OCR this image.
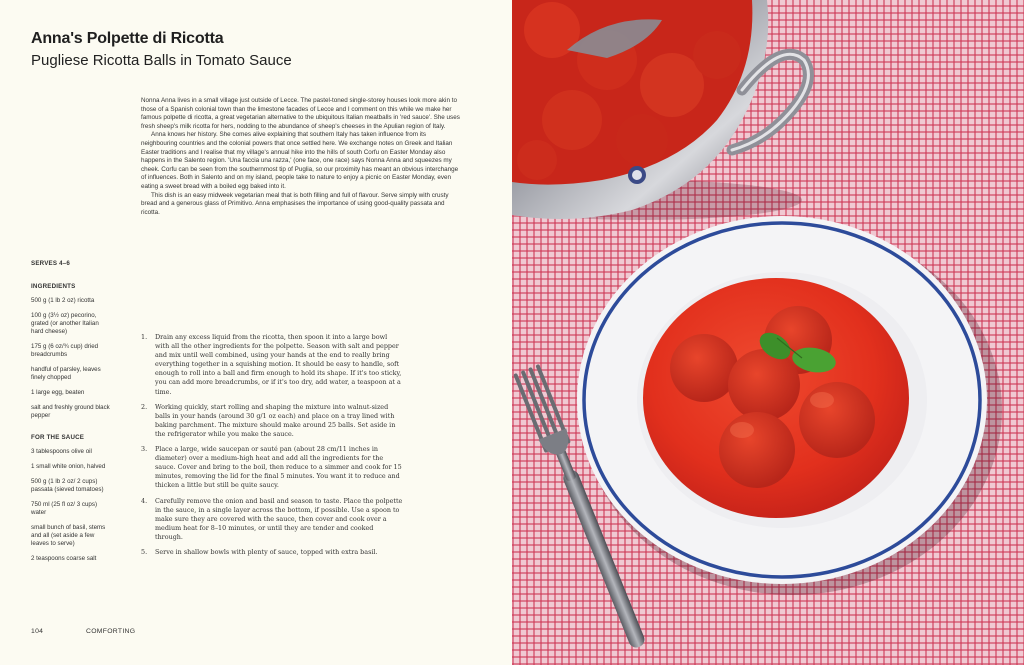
Anna's Polpette di Ricotta
Pugliese Ricotta Balls in Tomato Sauce

Nonna Anna lives in a small village just outside of Lecce. The pastel-toned single-storey houses look more akin to those of a Spanish colonial town than the limestone facades of Lecce and I comment on this while we make her famous polpette di ricotta, a great vegetarian alternative to the ubiquitous Italian meatballs in 'red sauce'. She uses fresh sheep's milk ricotta for hers, nodding to the abundance of sheep's cheeses in the Apulian region of Italy.

Anna knows her history. She comes alive explaining that southern Italy has taken influence from its neighbouring countries and the colonial powers that once settled here. We exchange notes on Greek and Italian Easter traditions and I realise that my village's annual hike into the hills of south Corfu on Easter Monday also happens in the Salento region. 'Una faccia una razza,' (one face, one race) says Nonna Anna and squeezes my cheek. Corfu can be seen from the southernmost tip of Puglia, so our proximity has meant an obvious interchange of influences. Both in Salento and on my island, people take to nature to enjoy a picnic on Easter Monday, even eating a sweet bread with a boiled egg baked into it.

This dish is an easy midweek vegetarian meal that is both filling and full of flavour. Serve simply with crusty bread and a generous glass of Primitivo. Anna emphasises the importance of using good-quality passata and ricotta.

SERVES 4–6
INGREDIENTS
500 g (1 lb 2 oz) ricotta
100 g (3½ oz) pecorino, grated (or another Italian hard cheese)
175 g (6 oz/¾ cup) dried breadcrumbs
handful of parsley, leaves finely chopped
1 large egg, beaten
salt and freshly ground black pepper
FOR THE SAUCE
3 tablespoons olive oil
1 small white onion, halved
500 g (1 lb 2 oz/ 2 cups) passata (sieved tomatoes)
750 ml (25 fl oz/ 3 cups) water
small bunch of basil, stems and all (set aside a few leaves to serve)
2 teaspoons coarse salt
1. Drain any excess liquid from the ricotta, then spoon it into a large bowl with all the other ingredients for the polpette. Season with salt and pepper and mix until well combined, using your hands at the end to really bring everything together in a squishing motion. It should be easy to handle, soft enough to roll into a ball and firm enough to hold its shape. If it's too sticky, you can add more breadcrumbs, or if it's too dry, add water, a teaspoon at a time.
2. Working quickly, start rolling and shaping the mixture into walnut-sized balls in your hands (around 30 g/1 oz each) and place on a tray lined with baking parchment. The mixture should make around 25 balls. Set aside in the refrigerator while you make the sauce.
3. Place a large, wide saucepan or sauté pan (about 28 cm/11 inches in diameter) over a medium-high heat and add all the ingredients for the sauce. Cover and bring to the boil, then reduce to a simmer and cook for 15 minutes, removing the lid for the final 5 minutes. You want it to reduce and thicken a little but still be quite saucy.
4. Carefully remove the onion and basil and season to taste. Place the polpette in the sauce, in a single layer across the bottom, if possible. Use a spoon to make sure they are covered with the sauce, then cover and cook over a medium heat for 8–10 minutes, or until they are tender and cooked through.
5. Serve in shallow bowls with plenty of sauce, topped with extra basil.
104	COMFORTING
